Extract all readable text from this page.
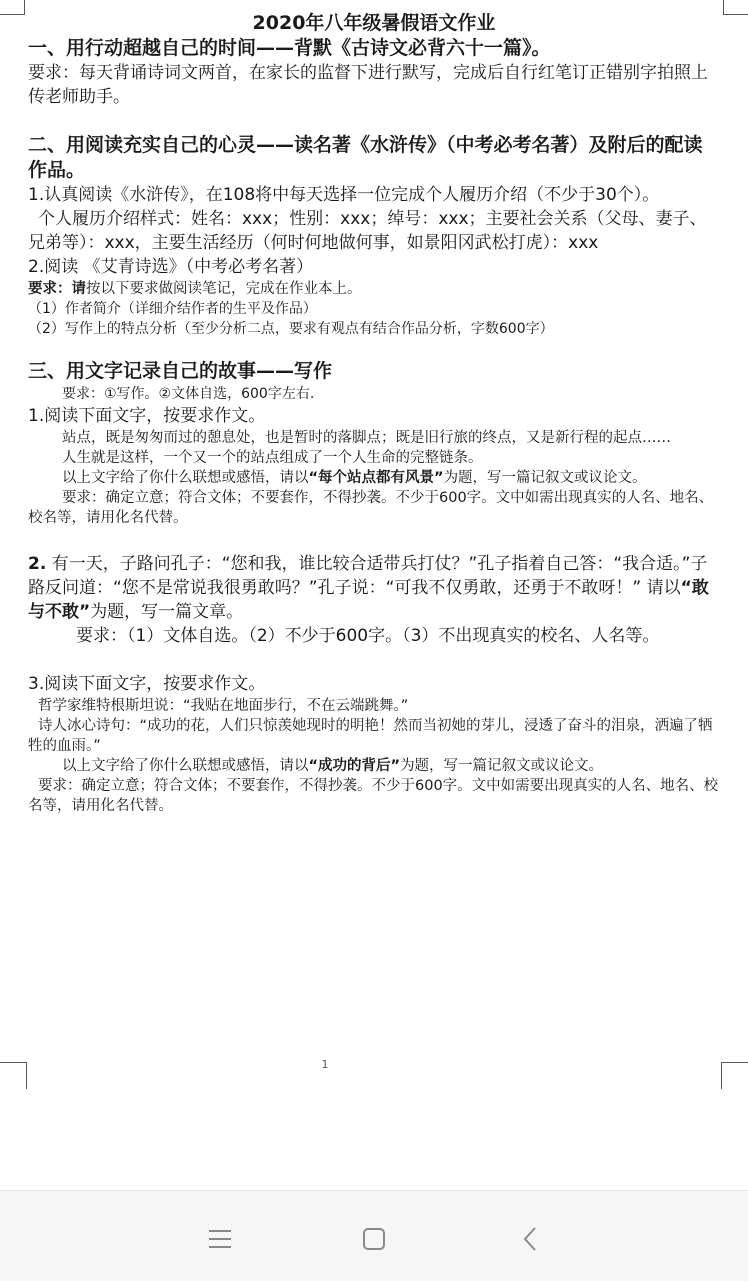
2020年八年级暑假语文作业

一、用行动超越自己的时间——背默《古诗文必背六十一篇》。

要求：每天背诵诗词文两首，在家长的监督下进行默写，完成后自行红笔订正错别字拍照上传老师助手。

二、用阅读充实自己的心灵——读名著《水浒传》（中考必考名著）及附后的配读作品。

1.认真阅读《水浒传》，在108将中每天选择一位完成个人履历介绍（不少于30个）。

个人履历介绍样式：姓名：xxx；性别：xxx；绰号：xxx；主要社会关系（父母、妻子、兄弟等）：xxx，主要生活经历（何时何地做何事，如景阳冈武松打虎）：xxx

2.阅读 《艾青诗选》（中考必考名著）

要求：请按以下要求做阅读笔记，完成在作业本上。

（1）作者简介（详细介结作者的生平及作品）

（2）写作上的特点分析（至少分析二点，要求有观点有结合作品分析，字数600字）

三、用文字记录自己的故事——写作

要求：①写作。②文体自选，600字左右.

1.阅读下面文字，按要求作文。

站点，既是匆匆而过的憩息处，也是暂时的落脚点；既是旧行旅的终点，又是新行程的起点……

人生就是这样，一个又一个的站点组成了一个人生命的完整链条。

以上文字给了你什么联想或感悟，请以“每个站点都有风景”为题，写一篇记叙文或议论文。

要求：确定立意；符合文体；不要套作，不得抄袭。不少于600字。文中如需出现真实的人名、地名、校名等，请用化名代替。

2. 有一天，子路问孔子：“您和我，谁比较合适带兵打仗？”孔子指着自己答：“我合适。”子路反问道：“您不是常说我很勇敢吗？”孔子说：“可我不仅勇敢，还勇于不敢呀！” 请以“敢与不敢”为题，写一篇文章。

要求：（1）文体自选。（2）不少于600字。（3）不出现真实的校名、人名等。

3.阅读下面文字，按要求作文。

哲学家维特根斯坦说：“我贴在地面步行，不在云端跳舞。”

诗人冰心诗句：“成功的花，人们只惊羡她现时的明艳！然而当初她的芽儿，浸透了奋斗的泪泉，洒遍了牺牲的血雨。”

以上文字给了你什么联想或感悟，请以“成功的背后”为题，写一篇记叙文或议论文。

要求：确定立意；符合文体；不要套作，不得抄袭。不少于600字。文中如需要出现真实的人名、地名、校名等，请用化名代替。

1
